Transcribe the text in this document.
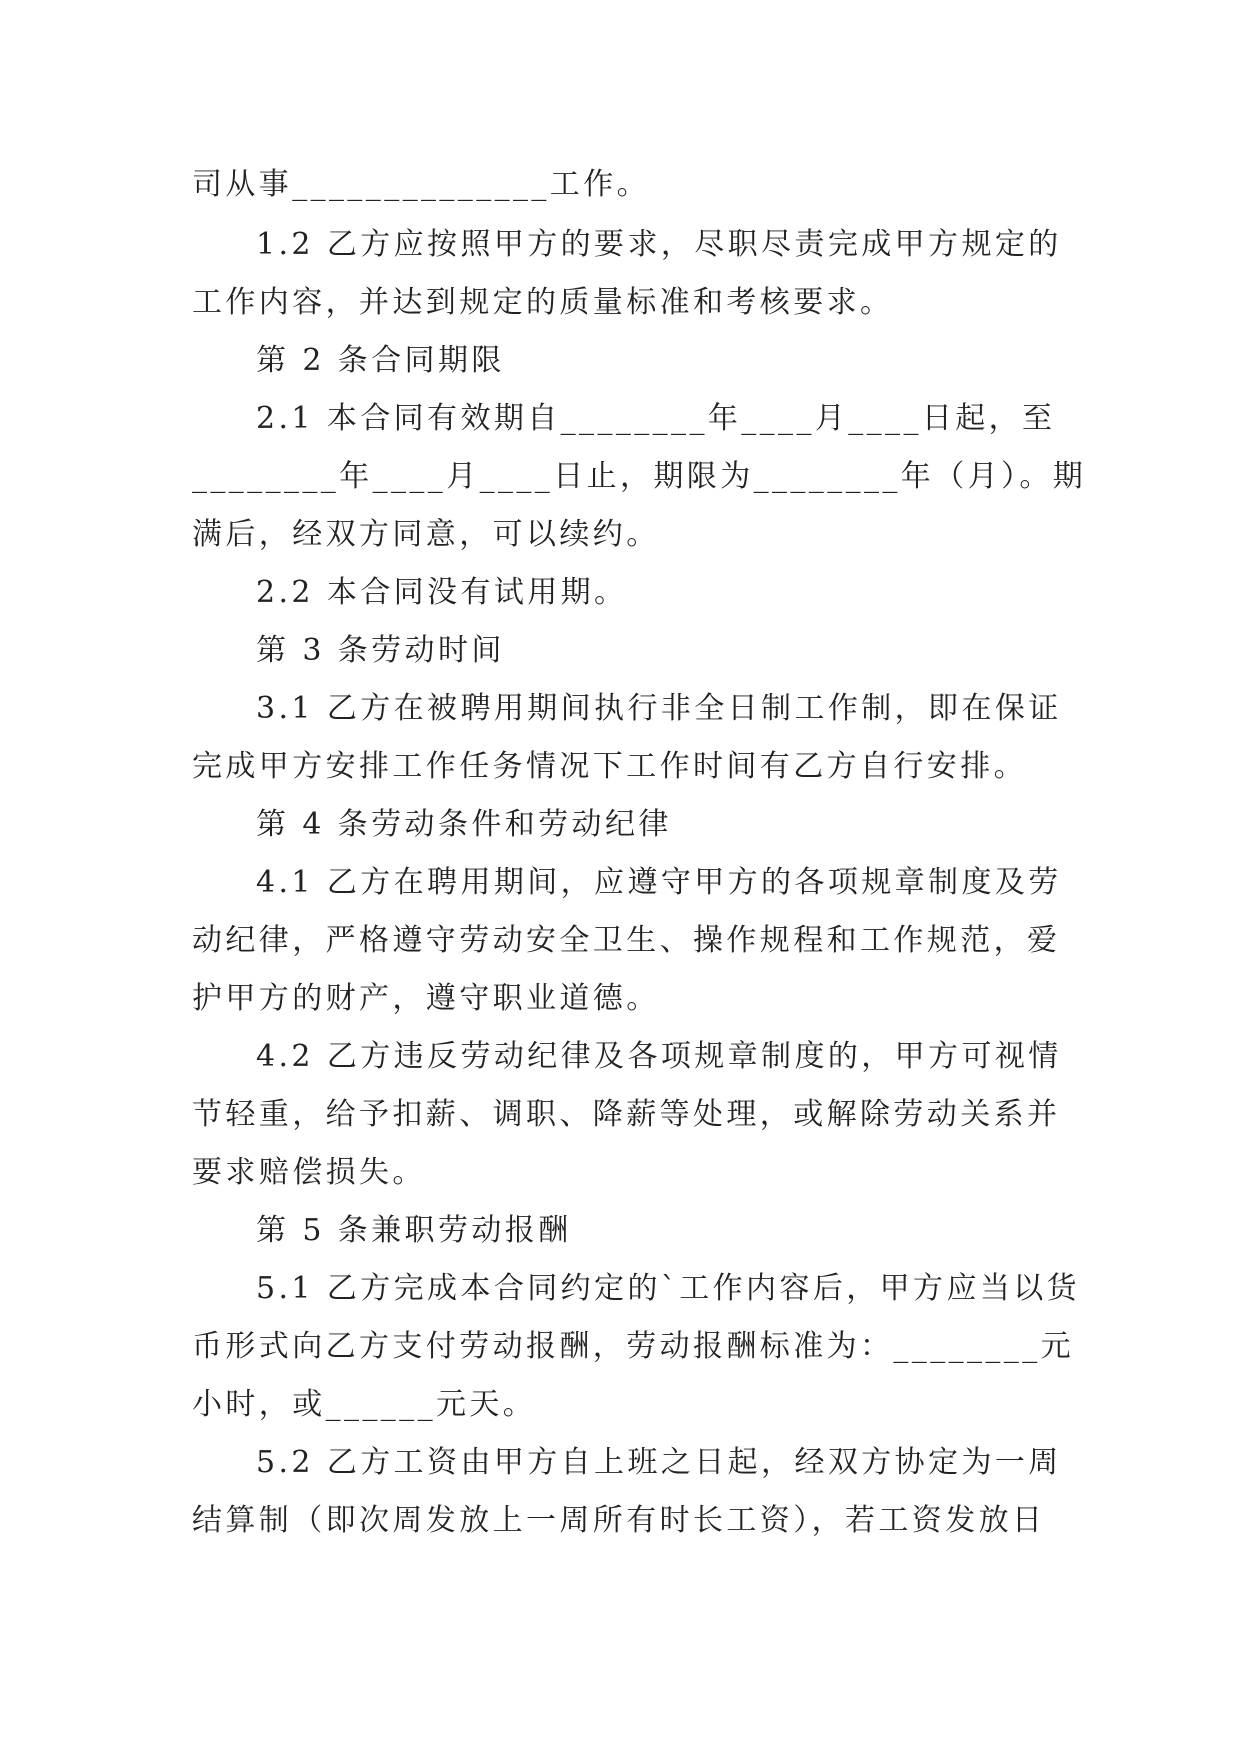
司从事______________工作。

1.2 乙方应按照甲方的要求，尽职尽责完成甲方规定的

工作内容，并达到规定的质量标准和考核要求。

第 2 条合同期限

2.1 本合同有效期自________年____月____日起，至

________年____月____日止，期限为________年（月）。期

满后，经双方同意，可以续约。

2.2 本合同没有试用期。

第 3 条劳动时间

3.1 乙方在被聘用期间执行非全日制工作制，即在保证

完成甲方安排工作任务情况下工作时间有乙方自行安排。

第 4 条劳动条件和劳动纪律

4.1 乙方在聘用期间，应遵守甲方的各项规章制度及劳

动纪律，严格遵守劳动安全卫生、操作规程和工作规范，爱

护甲方的财产，遵守职业道德。

4.2 乙方违反劳动纪律及各项规章制度的，甲方可视情

节轻重，给予扣薪、调职、降薪等处理，或解除劳动关系并

要求赔偿损失。

第 5 条兼职劳动报酬

5.1 乙方完成本合同约定的`工作内容后，甲方应当以货

币形式向乙方支付劳动报酬，劳动报酬标准为：________元

小时，或______元天。

5.2 乙方工资由甲方自上班之日起，经双方协定为一周

结算制（即次周发放上一周所有时长工资），若工资发放日
